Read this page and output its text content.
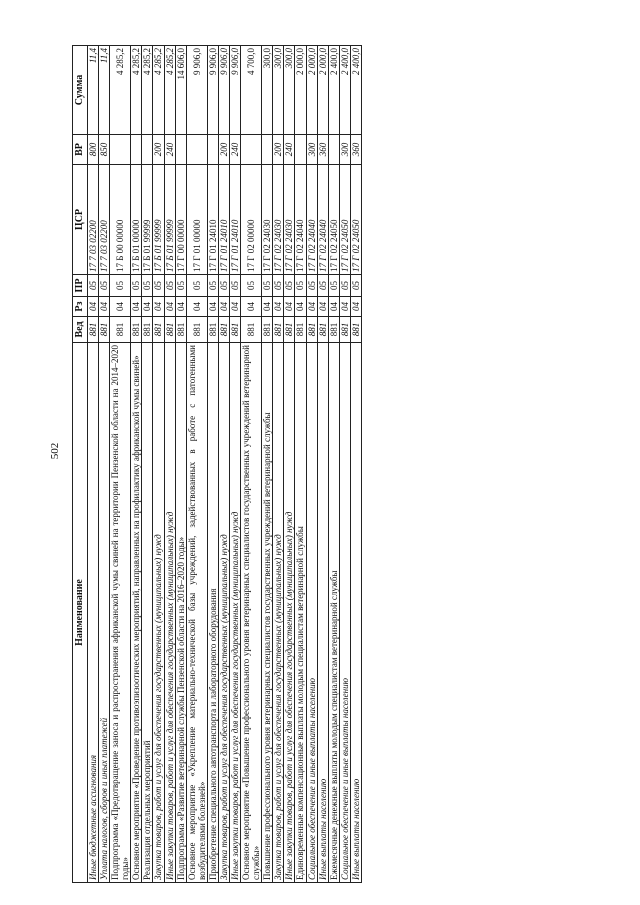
502
Наименование	Вед	Рз	ПР	ЦСР	ВР	Сумма
Иные бюджетные ассигнования	881	04	05	17 7 03 02200	800	11,4
Уплата налогов, сборов и иных платежей	881	04	05	17 7 03 02200	850	11,4
Подпрограмма «Предотвращение заноса и распространения африканской чумы свиней на территории Пензенской области на 2014–2020 годы»	881	04	05	17 Б 00 00000		4 285,2
Основное мероприятие «Проведение противоэпизоотических мероприятий, направленных на профилактику африканской чумы свиней»	881	04	05	17 Б 01 00000		4 285,2
Реализация отдельных мероприятий	881	04	05	17 Б 01 99999		4 285,2
Закупка товаров, работ и услуг для обеспечения государственных (муниципальных) нужд	881	04	05	17 Б 01 99999	200	4 285,2
Иные закупки товаров, работ и услуг для обеспечения государственных (муниципальных) нужд	881	04	05	17 Б 01 99999	240	4 285,2
Подпрограмма «Развитие ветеринарной службы Пензенской области на 2016–2020 годы»	881	04	05	17 Г 00 00000		14 606,0
Основное мероприятие «Укрепление материально-технической базы учреждений, задействованных в работе с патогенными возбудителями болезней»	881	04	05	17 Г 01 00000		9 906,0
Приобретение специального автотранспорта и лабораторного оборудования	881	04	05	17 Г 01 24010		9 906,0
Закупка товаров, работ и услуг для обеспечения государственных (муниципальных) нужд	881	04	05	17 Г 01 24010	200	9 906,0
Иные закупки товаров, работ и услуг для обеспечения государственных (муниципальных) нужд	881	04	05	17 Г 01 24010	240	9 906,0
Основное мероприятие «Повышение профессионального уровня ветеринарных специалистов государственных учреждений ветеринарной службы»	881	04	05	17 Г 02 00000		4 700,0
Повышение профессионального уровня ветеринарных специалистов государственных учреждений ветеринарной службы	881	04	05	17 Г 02 24030		300,0
Закупка товаров, работ и услуг для обеспечения государственных (муниципальных) нужд	881	04	05	17 Г 02 24030	200	300,0
Иные закупки товаров, работ и услуг для обеспечения государственных (муниципальных) нужд	881	04	05	17 Г 02 24030	240	300,0
Единовременные компенсационные выплаты молодым специалистам ветеринарной службы	881	04	05	17 Г 02 24040		2 000,0
Социальное обеспечение и иные выплаты населению	881	04	05	17 Г 02 24040	300	2 000,0
Иные выплаты населению	881	04	05	17 Г 02 24040	360	2 000,0
Ежемесячные денежные выплаты молодым специалистам ветеринарной службы	881	04	05	17 Г 02 24050		2 400,0
Социальное обеспечение и иные выплаты населению	881	04	05	17 Г 02 24050	300	2 400,0
Иные выплаты населению	881	04	05	17 Г 02 24050	360	2 400,0
